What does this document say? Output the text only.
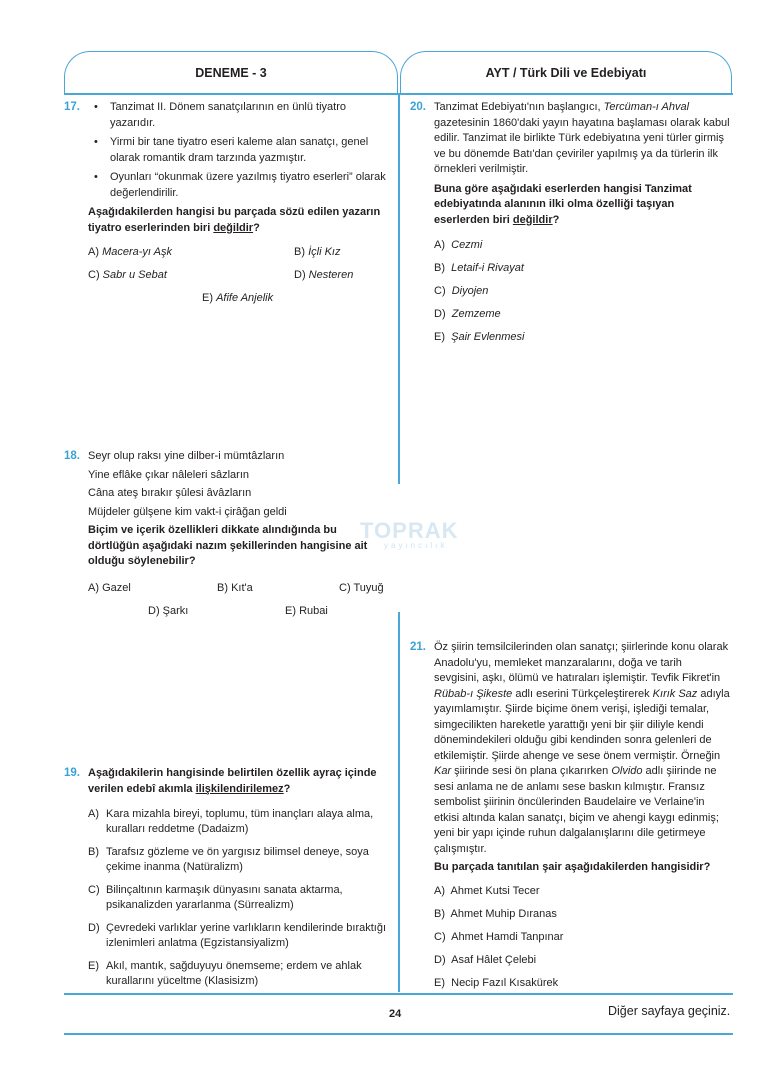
DENEME - 3	AYT / Türk Dili ve Edebiyatı
17.
•	Tanzimat II. Dönem sanatçılarının en ünlü tiyatro yazarıdır.
• Yirmi bir tane tiyatro eseri kaleme alan sanatçı, genel olarak romantik dram tarzında yazmıştır.
• Oyunları “okunmak üzere yazılmış tiyatro eserleri” olarak değerlendirilir.

Aşağıdakilerden hangisi bu parçada sözü edilen yazarın tiyatro eserlerinden biri değildir?

A) Macera-yı Aşk	B) İçli Kız
C) Sabr u Sebat	D) Nesteren
E) Afife Anjelik
18. Seyr olup raksı yine dilber-i mümtâzların
Yine eflâke çıkar nâleleri sâzların
Câna ateş bırakır şûlesi âvâzların
Müjdeler gülşene kim vakt-i çirâğan geldi

Biçim ve içerik özellikleri dikkate alındığında bu dörtlüğün aşağıdaki nazım şekillerinden hangisine ait olduğu söylenebilir?

A) Gazel	B) Kıt'a	C) Tuyuğ
D) Şarkı	E) Rubai
19. Aşağıdakilerin hangisinde belirtilen özellik ayraç içinde verilen edebî akımla ilişkilendirilemez?

A) Kara mizahla bireyi, toplumu, tüm inançları alaya alma, kuralları reddetme (Dadaizm)
B) Tarafsız gözleme ve ön yargısız bilimsel deneye, soya çekime inanma (Natüralizm)
C) Bilinçaltının karmaşık dünyasını sanata aktarma, psikanalizden yararlanma (Sürrealizm)
D) Çevredeki varlıklar yerine varlıkların kendilerinde bıraktığı izlenimleri anlatma (Egzistansiyalizm)
E) Akıl, mantık, sağduyuyu önemseme; erdem ve ahlak kurallarını yüceltme (Klasisizm)
20. Tanzimat Edebiyatı'nın başlangıcı, Tercüman-ı Ahval gazetesinin 1860'daki yayın hayatına başlaması olarak kabul edilir. Tanzimat ile birlikte Türk edebiyatına yeni türler girmiş ve bu dönemde Batı'dan çeviriler yapılmış ya da türlerin ilk örnekleri verilmiştir.

Buna göre aşağıdaki eserlerden hangisi Tanzimat edebiyatında alanının ilki olma özelliği taşıyan eserlerden biri değildir?

A) Cezmi
B) Letaif-i Rivayat
C) Diyojen
D) Zemzeme
E) Şair Evlenmesi
21. Öz şiirin temsilcilerinden olan sanatçı; şiirlerinde konu olarak Anadolu'yu, memleket manzaralarını, doğa ve tarih sevgisini, aşkı, ölümü ve hatıraları işlemiştir. Tevfik Fikret'in Rübab-ı Şikeste adlı eserini Türkçeleştirerek Kırık Saz adıyla yayımlamıştır. Şiirde biçime önem verişi, işlediği temalar, simgecilikten hareketle yarattığı yeni bir şiir diliyle kendi dönemindekileri olduğu gibi kendinden sonra gelenleri de etkilemiştir. Şiirde ahenge ve sese önem vermiştir. Örneğin Kar şiirinde sesi ön plana çıkarırken Olvido adlı şiirinde ne sesi anlama ne de anlamı sese baskın kılmıştır. Fransız sembolist şiirinin öncülerinden Baudelaire ve Verlaine'in etkisi altında kalan sanatçı, biçim ve ahengi kaygı edinmiş; yeni bir yapı içinde ruhun dalgalanışlarını dile getirmeye çalışmıştır.

Bu parçada tanıtılan şair aşağıdakilerden hangisidir?

A) Ahmet Kutsi Tecer
B) Ahmet Muhip Dıranas
C) Ahmet Hamdi Tanpınar
D) Asaf Hâlet Çelebi
E) Necip Fazıl Kısakürek
TOPRAK
yayıncılık
24	Diğer sayfaya geçiniz.
